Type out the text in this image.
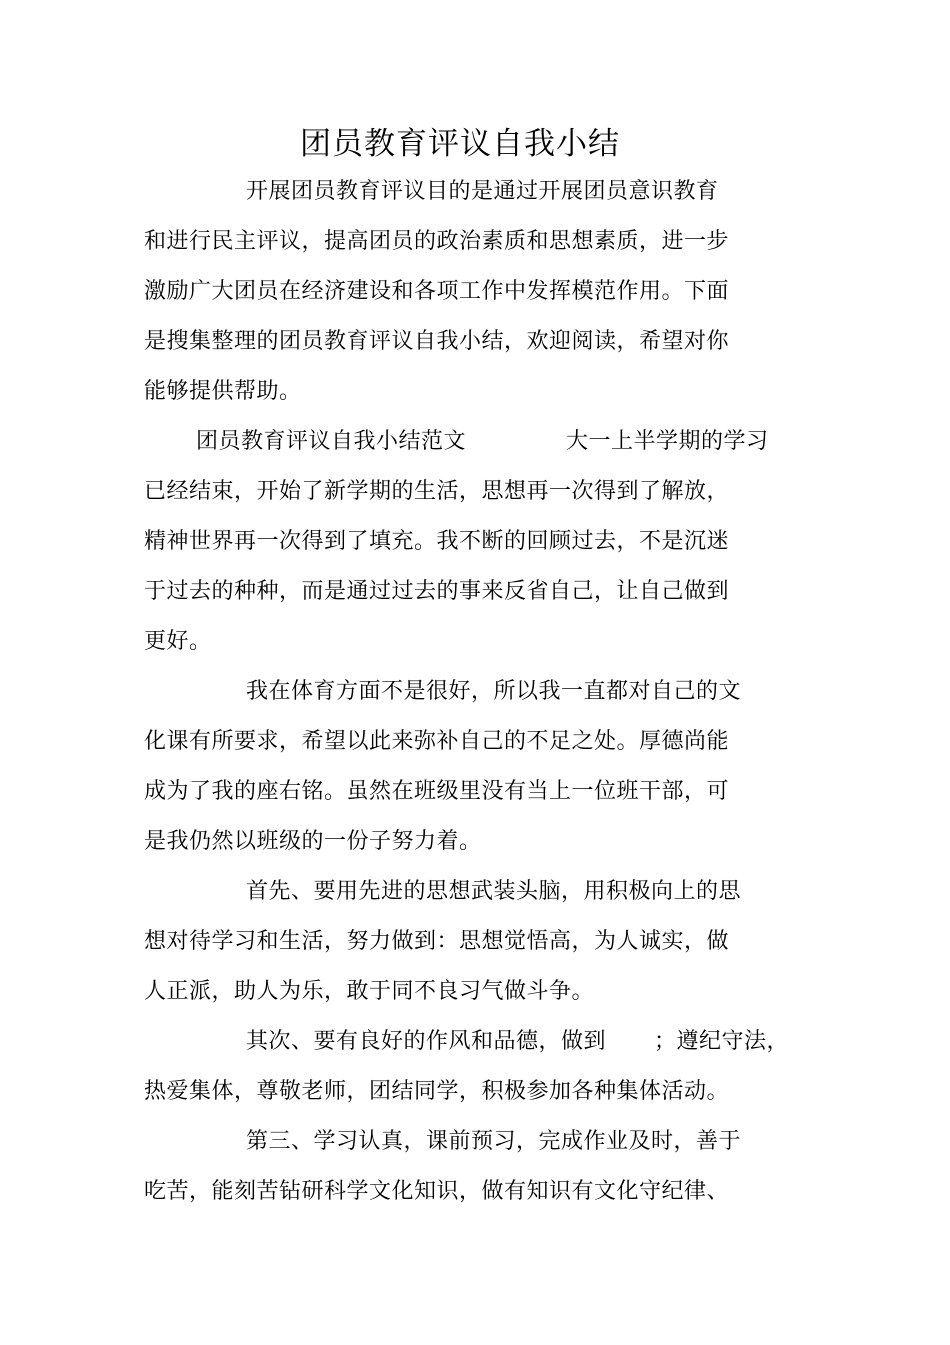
团员教育评议自我小结
开展团员教育评议目的是通过开展团员意识教育
和进行民主评议，提高团员的政治素质和思想素质，进一步
激励广大团员在经济建设和各项工作中发挥模范作用。下面
是搜集整理的团员教育评议自我小结，欢迎阅读，希望对你
能够提供帮助。
团员教育评议自我小结范文	大一上半学期的学习
已经结束，开始了新学期的生活，思想再一次得到了解放，
精神世界再一次得到了填充。我不断的回顾过去，不是沉迷
于过去的种种，而是通过过去的事来反省自己，让自己做到
更好。
我在体育方面不是很好，所以我一直都对自己的文
化课有所要求，希望以此来弥补自己的不足之处。厚德尚能
成为了我的座右铭。虽然在班级里没有当上一位班干部，可
是我仍然以班级的一份子努力着。
首先、要用先进的思想武装头脑，用积极向上的思
想对待学习和生活，努力做到：思想觉悟高，为人诚实，做
人正派，助人为乐，敢于同不良习气做斗争。
其次、要有良好的作风和品德，做到 ；遵纪守法，
热爱集体，尊敬老师，团结同学，积极参加各种集体活动。
第三、学习认真，课前预习，完成作业及时，善于
吃苦，能刻苦钻研科学文化知识，做有知识有文化守纪律、
